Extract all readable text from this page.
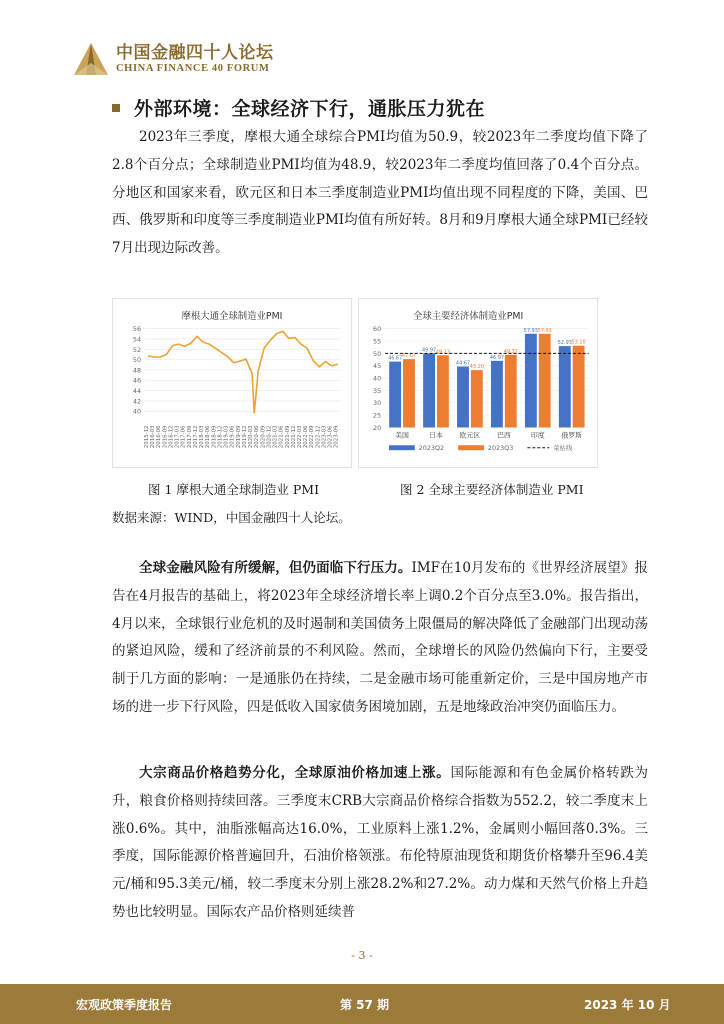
中国金融四十人论坛
CHINA FINANCE 40 FORUM
外部环境：全球经济下行，通胀压力犹在

2023年三季度，摩根大通全球综合PMI均值为50.9，较2023年二季度均值下降了2.8个百分点；全球制造业PMI均值为48.9，较2023年二季度均值回落了0.4个百分点。分地区和国家来看，欧元区和日本三季度制造业PMI均值出现不同程度的下降，美国、巴西、俄罗斯和印度等三季度制造业PMI均值有所好转。8月和9月摩根大通全球PMI已经较7月出现边际改善。

摩根大通全球制造业PMI
40
42
44
46
48
50
52
54
56
2015-12 2016-03 2016-06 2016-09 2016-12 2017-03 2017-06 2017-09 2017-12 2018-03 2018-06 2018-09 2018-12 2019-03 2019-06 2019-09 2019-12 2020-03 2020-06 2020-09 2020-12 2021-03 2021-06 2021-09 2021-12 2022-03 2022-06 2022-09 2022-12 2023-03 2023-06 2023-09
全球主要经济体制造业PMI
20
25
30
35
40
45
50
55
60
46.67 47.67
美国
49.97 49.23
日本
44.67
43.20
欧元区
46.97
49.37
巴西
57.93 57.93
印度
52.93 53.10
俄罗斯
2023Q2	2023Q3	荣枯线
图 1 摩根大通全球制造业 PMI	图 2 全球主要经济体制造业 PMI
数据来源：WIND，中国金融四十人论坛。

全球金融风险有所缓解，但仍面临下行压力。IMF在10月发布的《世界经济展望》报告在4月报告的基础上，将2023年全球经济增长率上调0.2个百分点至3.0%。报告指出，4月以来，全球银行业危机的及时遏制和美国债务上限僵局的解决降低了金融部门出现动荡的紧迫风险，缓和了经济前景的不利风险。然而，全球增长的风险仍然偏向下行，主要受制于几方面的影响：一是通胀仍在持续，二是金融市场可能重新定价，三是中国房地产市场的进一步下行风险，四是低收入国家债务困境加剧，五是地缘政治冲突仍面临压力。

大宗商品价格趋势分化，全球原油价格加速上涨。国际能源和有色金属价格转跌为升，粮食价格则持续回落。三季度末CRB大宗商品价格综合指数为552.2，较二季度末上涨0.6%。其中，油脂涨幅高达16.0%，工业原料上涨1.2%，金属则小幅回落0.3%。三季度，国际能源价格普遍回升，石油价格领涨。布伦特原油现货和期货价格攀升至96.4美元/桶和95.3美元/桶，较二季度末分别上涨28.2%和27.2%。动力煤和天然气价格上升趋势也比较明显。国际农产品价格则延续普

- 3 -
宏观政策季度报告	第 57 期	2023 年 10 月
